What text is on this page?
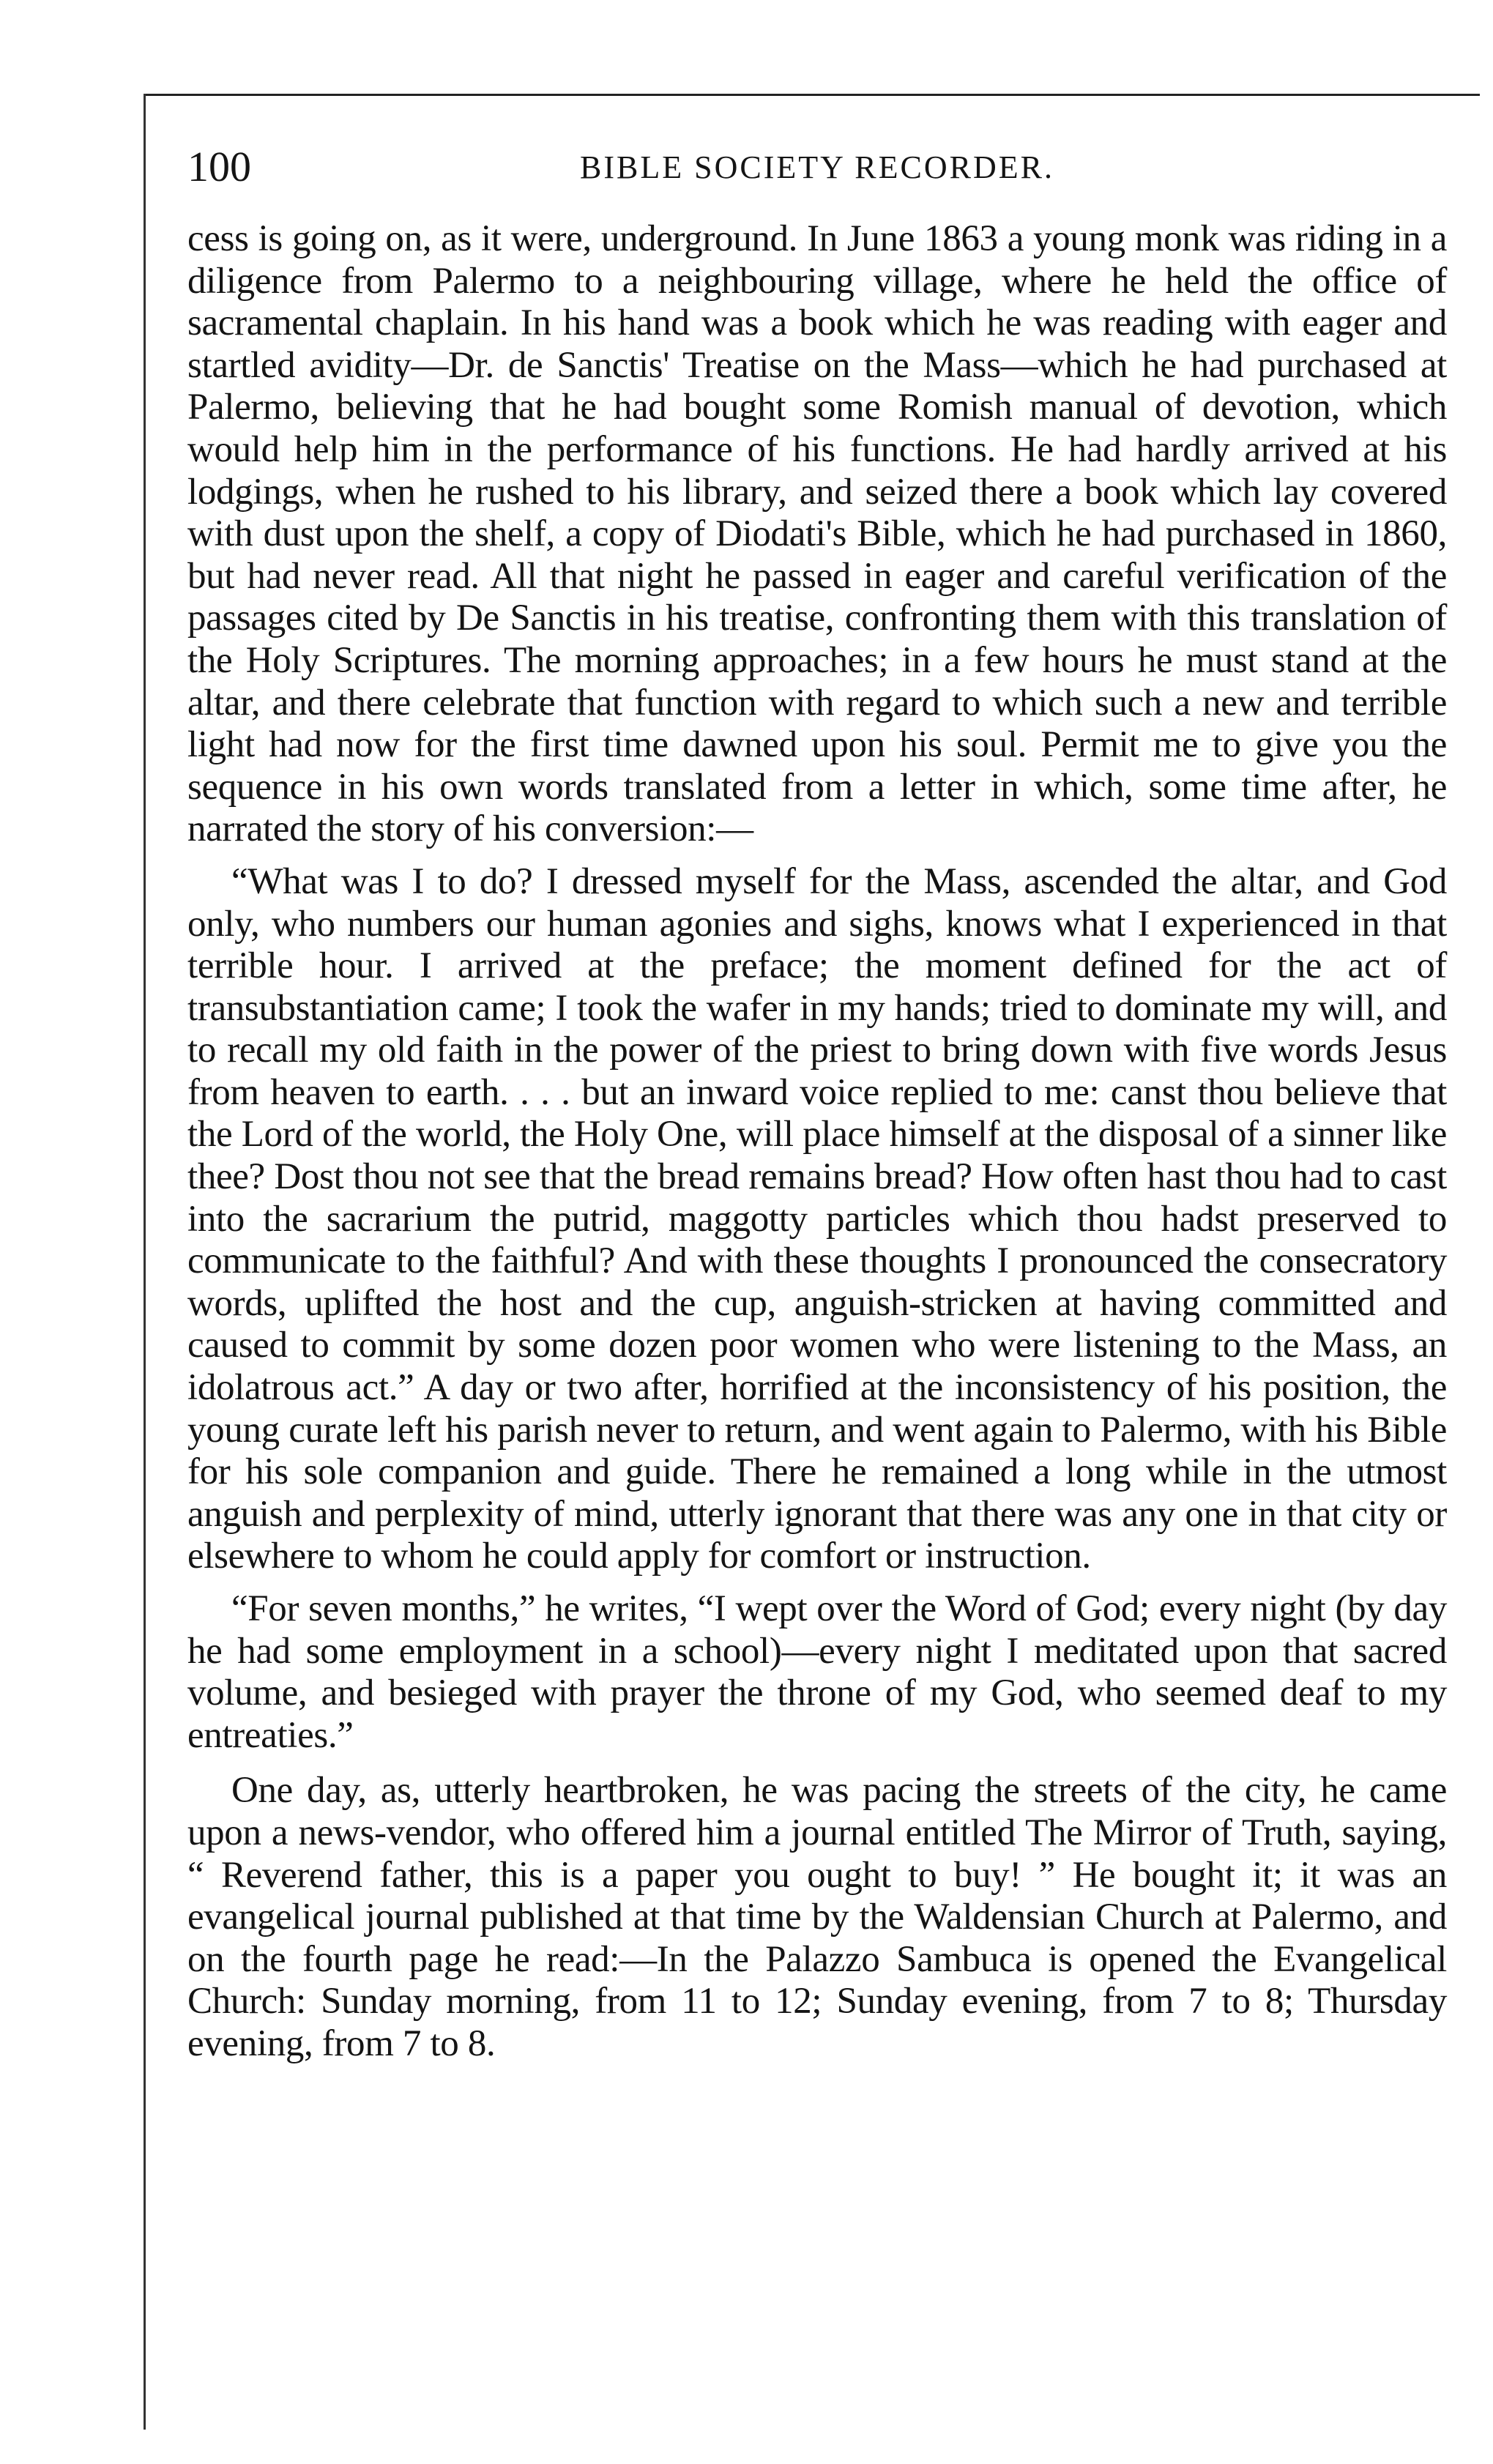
100	BIBLE SOCIETY RECORDER.

cess is going on, as it were, underground. In June 1863 a young monk was riding in a diligence from Palermo to a neighbouring village, where he held the office of sacramental chaplain. In his hand was a book which he was reading with eager and startled avidity—Dr. de Sanctis' Treatise on the Mass—which he had purchased at Palermo, believing that he had bought some Romish manual of devotion, which would help him in the performance of his functions. He had hardly arrived at his lodgings, when he rushed to his library, and seized there a book which lay covered with dust upon the shelf, a copy of Diodati's Bible, which he had purchased in 1860, but had never read. All that night he passed in eager and careful verification of the passages cited by De Sanctis in his treatise, confronting them with this translation of the Holy Scriptures. The morning approaches; in a few hours he must stand at the altar, and there celebrate that function with regard to which such a new and terrible light had now for the first time dawned upon his soul. Permit me to give you the sequence in his own words translated from a letter in which, some time after, he narrated the story of his conversion:—

“What was I to do? I dressed myself for the Mass, ascended the altar, and God only, who numbers our human agonies and sighs, knows what I experienced in that terrible hour. I arrived at the preface; the moment defined for the act of transubstantiation came; I took the wafer in my hands; tried to dominate my will, and to recall my old faith in the power of the priest to bring down with five words Jesus from heaven to earth. . . . but an inward voice replied to me: canst thou believe that the Lord of the world, the Holy One, will place himself at the disposal of a sinner like thee? Dost thou not see that the bread remains bread? How often hast thou had to cast into the sacrarium the putrid, maggotty particles which thou hadst preserved to communicate to the faithful? And with these thoughts I pronounced the consecratory words, uplifted the host and the cup, anguish-stricken at having committed and caused to commit by some dozen poor women who were listening to the Mass, an idolatrous act.” A day or two after, horrified at the inconsistency of his position, the young curate left his parish never to return, and went again to Palermo, with his Bible for his sole companion and guide. There he remained a long while in the utmost anguish and perplexity of mind, utterly ignorant that there was any one in that city or elsewhere to whom he could apply for comfort or instruction.

“For seven months,” he writes, “I wept over the Word of God; every night (by day he had some employment in a school)—every night I meditated upon that sacred volume, and besieged with prayer the throne of my God, who seemed deaf to my entreaties.”

One day, as, utterly heartbroken, he was pacing the streets of the city, he came upon a news-vendor, who offered him a journal entitled The Mirror of Truth, saying, “ Reverend father, this is a paper you ought to buy! ” He bought it; it was an evangelical journal published at that time by the Waldensian Church at Palermo, and on the fourth page he read:—In the Palazzo Sambuca is opened the Evangelical Church: Sunday morning, from 11 to 12; Sunday evening, from 7 to 8; Thursday evening, from 7 to 8.
